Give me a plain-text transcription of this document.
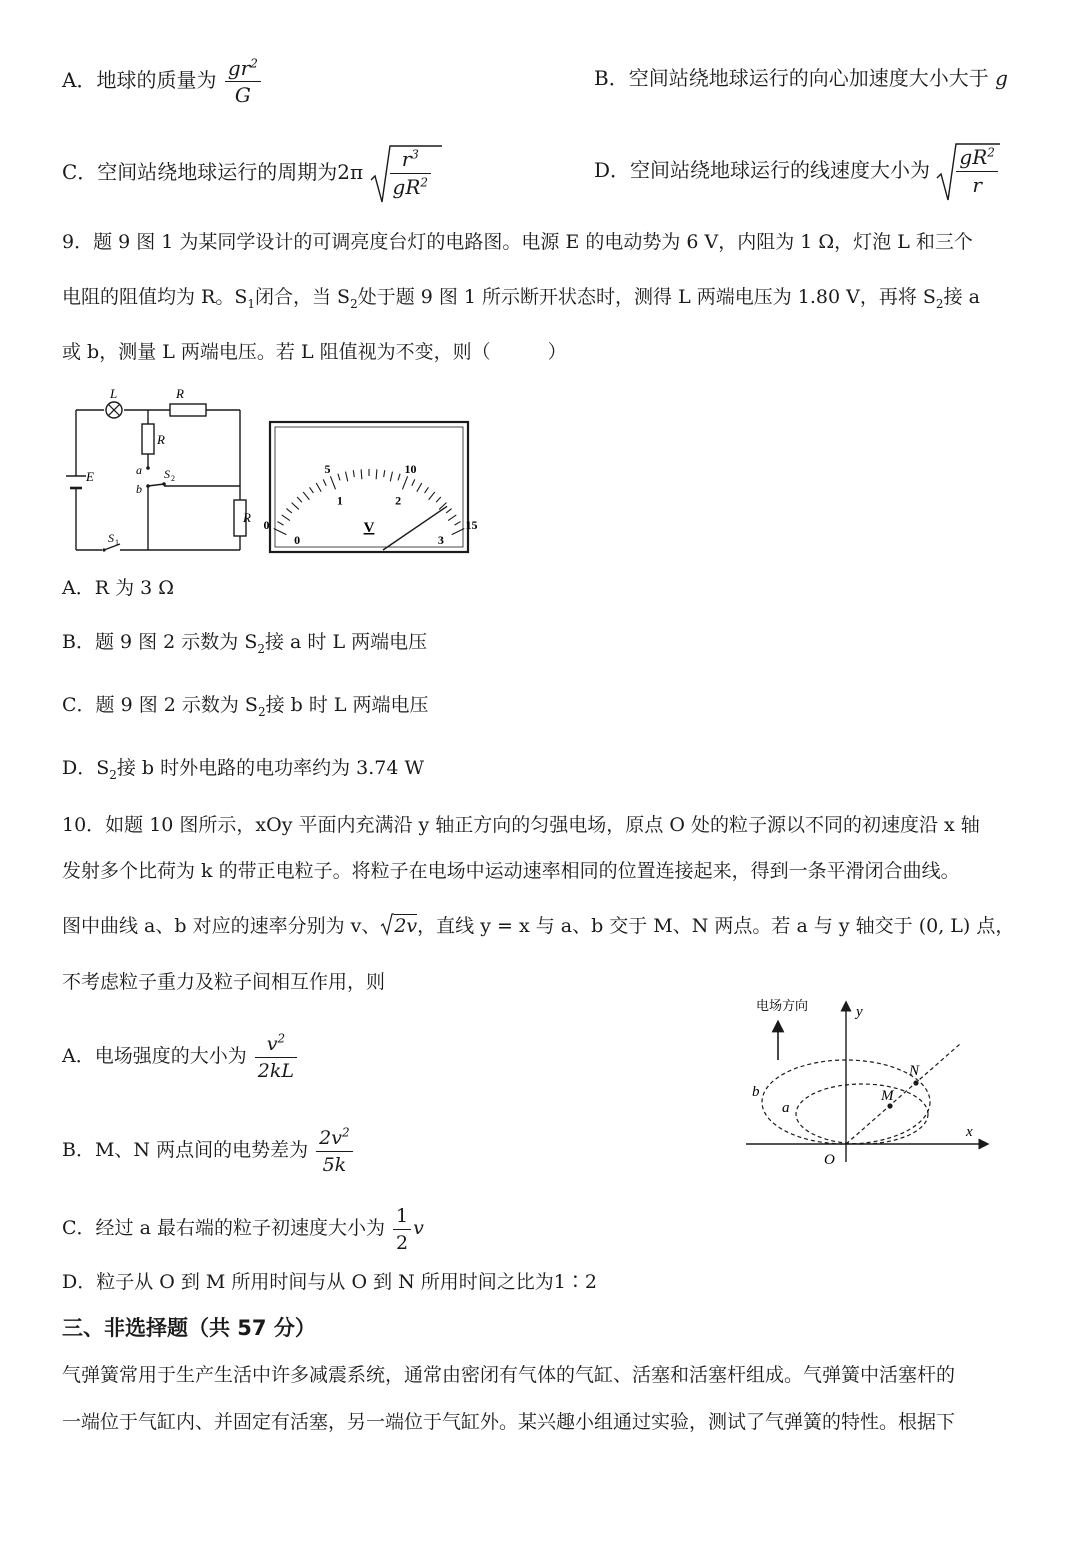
A．地球的质量为 $\frac{gr^2}{G}$	B．空间站绕地球运行的向心加速度大小大于 g
C．空间站绕地球运行的周期为$2\pi \frac{r^3}{gR^2}$	D．空间站绕地球运行的线速度大小为 $\frac{gR^2}{r}$
9．题 9 图 1 为某同学设计的可调亮度台灯的电路图。电源 E 的电动势为 6 V，内阻为 1 Ω，灯泡 L 和三个
电阻的阻值均为 R。$S_1$闭合，当 $S_2$处于题 9 图 1 所示断开状态时，测得 L 两端电压为 1.80 V，再将 $S_2$接 a
或 b，测量 L 两端电压。若 L 阻值视为不变，则（　　　）
L	R
R
R
E	a
b
S 2
S 1
0
5	10
15
0
1	2
3
V
A．R 为 3 Ω
B．题 9 图 2 示数为 $S_2$接 a 时 L 两端电压
C．题 9 图 2 示数为 $S_2$接 b 时 L 两端电压
D．$S_2$接 b 时外电路的电功率约为 3.74 W
10．如题 10 图所示，xOy 平面内充满沿 y 轴正方向的匀强电场，原点 O 处的粒子源以不同的初速度沿 x 轴
发射多个比荷为 k 的带正电粒子。将粒子在电场中运动速率相同的位置连接起来，得到一条平滑闭合曲线。
图中曲线 a、b 对应的速率分别为 v、 2v，直线 y = x 与 a、b 交于 M、N 两点。若 a 与 y 轴交于 (0, L) 点，
不考虑粒子重力及粒子间相互作用，则
A．电场强度的大小为 $\frac{v^2}{2kL}$
B．M、N 两点间的电势差为 $\frac{2v^2}{5k}$
C．经过 a 最右端的粒子初速度大小为 $\frac{1}{2}$ v
D．粒子从 O 到 M 所用时间与从 O 到 N 所用时间之比为1∶2
电场方向	y
x
O
M
N
a
b
三、非选择题（共 57 分）
气弹簧常用于生产生活中许多减震系统，通常由密闭有气体的气缸、活塞和活塞杆组成。气弹簧中活塞杆的
一端位于气缸内、并固定有活塞，另一端位于气缸外。某兴趣小组通过实验，测试了气弹簧的特性。根据下
